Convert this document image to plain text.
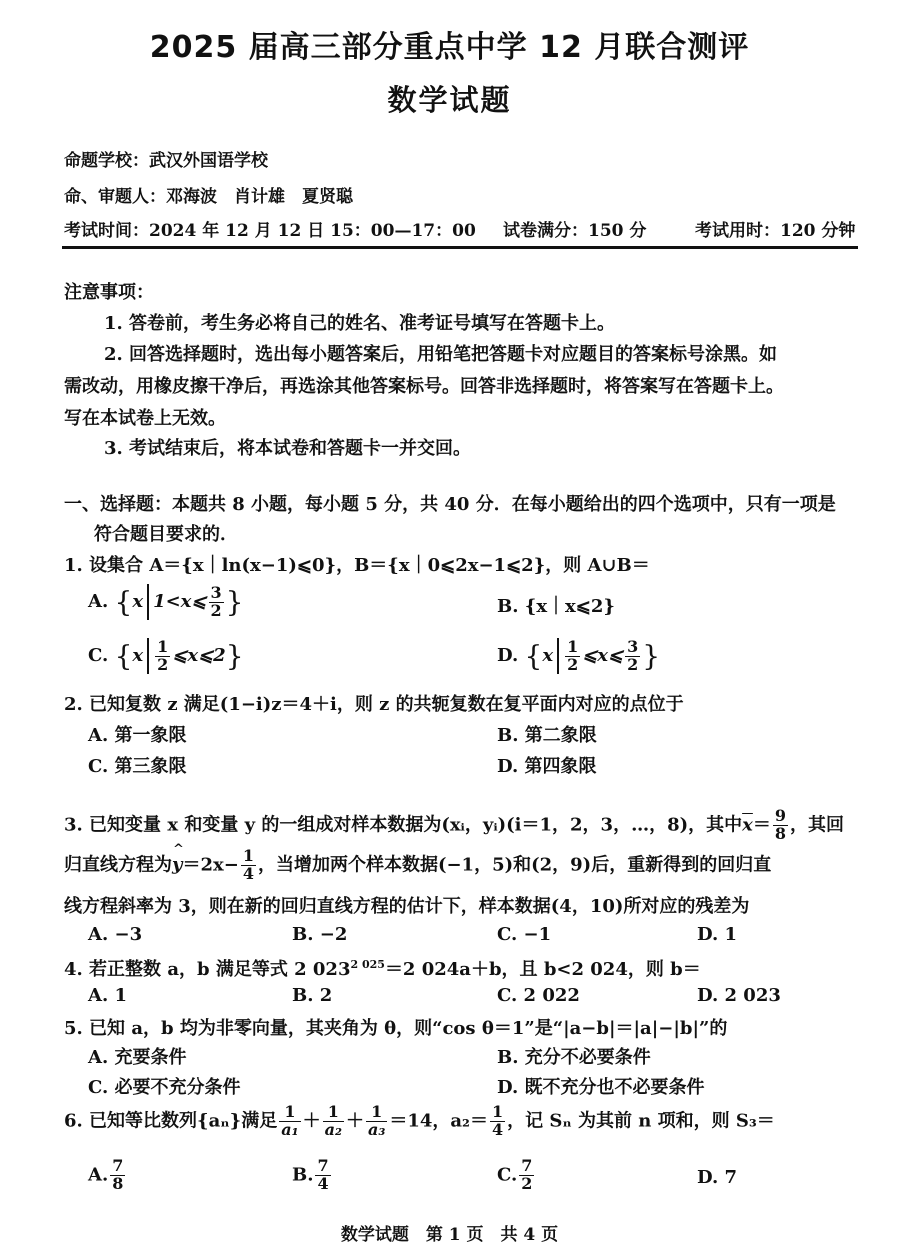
2025 届高三部分重点中学 12 月联合测评
数学试题
命题学校：武汉外国语学校
命、审题人：邓海波　肖计雄　夏贤聪
考试时间：2024 年 12 月 12 日 15：00—17：00 试卷满分：150 分	考试用时：120 分钟
注意事项：
1. 答卷前，考生务必将自己的姓名、准考证号填写在答题卡上。
2. 回答选择题时，选出每小题答案后，用铅笔把答题卡对应题目的答案标号涂黑。如
需改动，用橡皮擦干净后，再选涂其他答案标号。回答非选择题时，将答案写在答题卡上。
写在本试卷上无效。
3. 考试结束后，将本试卷和答题卡一并交回。
一、选择题：本题共 8 小题，每小题 5 分，共 40 分．在每小题给出的四个选项中，只有一项是
符合题目要求的．
1. 设集合 A＝{x｜ln(x−1)⩽0}，B＝{x｜0⩽2x−1⩽2}，则 A∪B＝
A. {x 1<x⩽ $\frac{3}{2}$ }	B. {x｜x⩽2}
C. {$x \frac{1}{2}$ ⩽x⩽2}	D. {$x \frac{1}{2}$ ⩽x⩽ $\frac{3}{2}$ }
2. 已知复数 z 满足(1−i)z＝4＋i，则 z 的共轭复数在复平面内对应的点位于
A. 第一象限	B. 第二象限
C. 第三象限	D. 第四象限
3. 已知变量 x 和变量 y 的一组成对样本数据为(xᵢ，yᵢ)(i＝1，2，3，…，8)，其中$\overline{x}= \frac{9}{8}$ ，其回
归直线方程为^ $y=2x- \frac{1}{4}$ ，当增加两个样本数据(−1，5)和(2，9)后，重新得到的回归直
线方程斜率为 3，则在新的回归直线方程的估计下，样本数据(4，10)所对应的残差为
A. −3	B. −2	C. −1	D. 1
4. 若正整数 a，b 满足等式 2 $023^{2 025}=2$ 024a＋b，且 b<2 024，则 b＝
A. 1	B. 2	C. 2 022	D. 2 023
5. 已知 a，b 均为非零向量，其夹角为 θ，则“cos θ＝1”是“|a−b|＝|a|−|b|”的
A. 充要条件	B. 充分不必要条件
C. 必要不充分条件	D. 既不充分也不必要条件
6. 已知等比数列{aₙ}满足 $\frac{1}{\text{a₁}} + \frac{1}{\text{a₂}} + \frac{1}{\text{a₃}} =14$，$a_2= \frac{1}{4}$ ，记 Sₙ 为其前 n 项和，则 S₃＝
A. $\frac{7}{8}$	B. $\frac{7}{4}$	C. $\frac{7}{2}$	D. 7
数学试题　第 1 页　共 4 页
